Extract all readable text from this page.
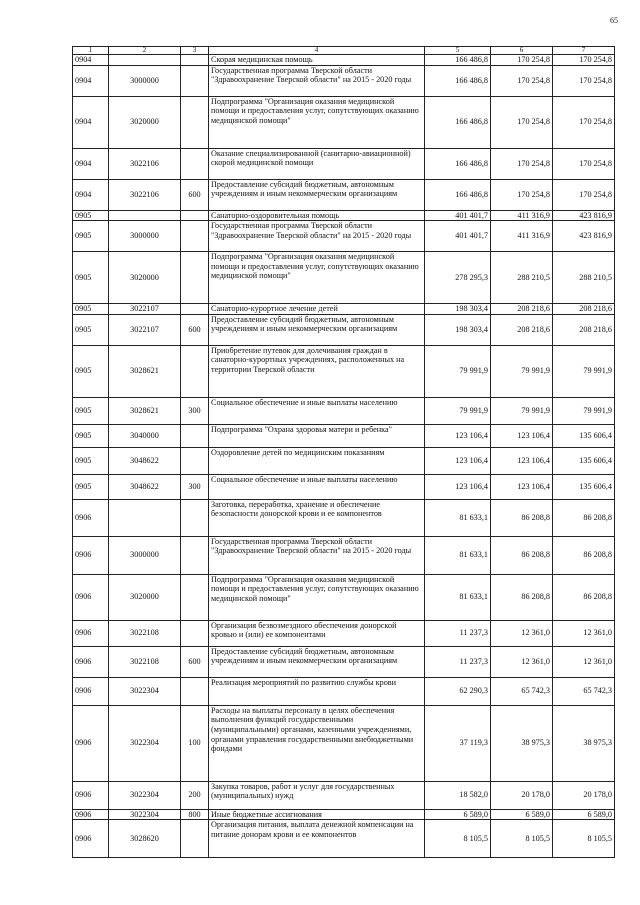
65
1	2	3	4	5	6	7
0904			Скорая медицинская помощь	166 486,8	170 254,8	170 254,8
0904	3000000		Государственная программа Тверской области "Здравоохранение Тверской области" на 2015 - 2020 годы	166 486,8	170 254,8	170 254,8
0904	3020000		Подпрограмма "Организация оказания медицинской помощи и предоставления услуг, сопутствующих оказанию медицинской помощи"	166 486,8	170 254,8	170 254,8
0904	3022106		Оказание специализированной (санитарно-авиационной) скорой медицинской помощи	166 486,8	170 254,8	170 254,8
0904	3022106	600	Предоставление субсидий бюджетным, автономным учреждениям и иным некоммерческим организациям	166 486,8	170 254,8	170 254,8
0905			Санаторно-оздоровительная помощь	401 401,7	411 316,9	423 816,9
0905	3000000		Государственная программа Тверской области "Здравоохранение Тверской области" на 2015 - 2020 годы	401 401,7	411 316,9	423 816,9
0905	3020000		Подпрограмма "Организация оказания медицинской помощи и предоставления услуг, сопутствующих оказанию медицинской помощи"	278 295,3	288 210,5	288 210,5
0905	3022107		Санаторно-курортное лечение детей	198 303,4	208 218,6	208 218,6
0905	3022107	600	Предоставление субсидий бюджетным, автономным учреждениям и иным некоммерческим организациям	198 303,4	208 218,6	208 218,6
0905	3028621		Приобретение путевок для долечивания граждан в санаторно-курортных учреждениях, расположенных на территории Тверской области	79 991,9	79 991,9	79 991,9
0905	3028621	300	Социальное обеспечение и иные выплаты населению	79 991,9	79 991,9	79 991,9
0905	3040000		Подпрограмма "Охрана здоровья матери и ребенка"	123 106,4	123 106,4	135 606,4
0905	3048622		Оздоровление детей по медицинским показаниям	123 106,4	123 106,4	135 606,4
0905	3048622	300	Социальное обеспечение и иные выплаты населению	123 106,4	123 106,4	135 606,4
0906			Заготовка, переработка, хранение и обеспечение безопасности донорской крови и ее компонентов	81 633,1	86 208,8	86 208,8
0906	3000000		Государственная программа Тверской области "Здравоохранение Тверской области" на 2015 - 2020 годы	81 633,1	86 208,8	86 208,8
0906	3020000		Подпрограмма "Организация оказания медицинской помощи и предоставления услуг, сопутствующих оказанию медицинской помощи"	81 633,1	86 208,8	86 208,8
0906	3022108		Организация безвозмездного обеспечения донорской кровью и (или) ее компонентами	11 237,3	12 361,0	12 361,0
0906	3022108	600	Предоставление субсидий бюджетным, автономным учреждениям и иным некоммерческим организациям	11 237,3	12 361,0	12 361,0
0906	3022304		Реализация мероприятий по развитию службы крови	62 290,3	65 742,3	65 742,3
0906	3022304	100	Расходы на выплаты персоналу в целях обеспечения выполнения функций государственными (муниципальными) органами, казенными учреждениями, органами управления государственными внебюджетными фондами	37 119,3	38 975,3	38 975,3
0906	3022304	200	Закупка товаров, работ и услуг для государственных (муниципальных) нужд	18 582,0	20 178,0	20 178,0
0906	3022304	800	Иные бюджетные ассигнования	6 589,0	6 589,0	6 589,0
0906	3028620		Организация питания, выплата денежной компенсации на питание донорам крови и ее компонентов	8 105,5	8 105,5	8 105,5
